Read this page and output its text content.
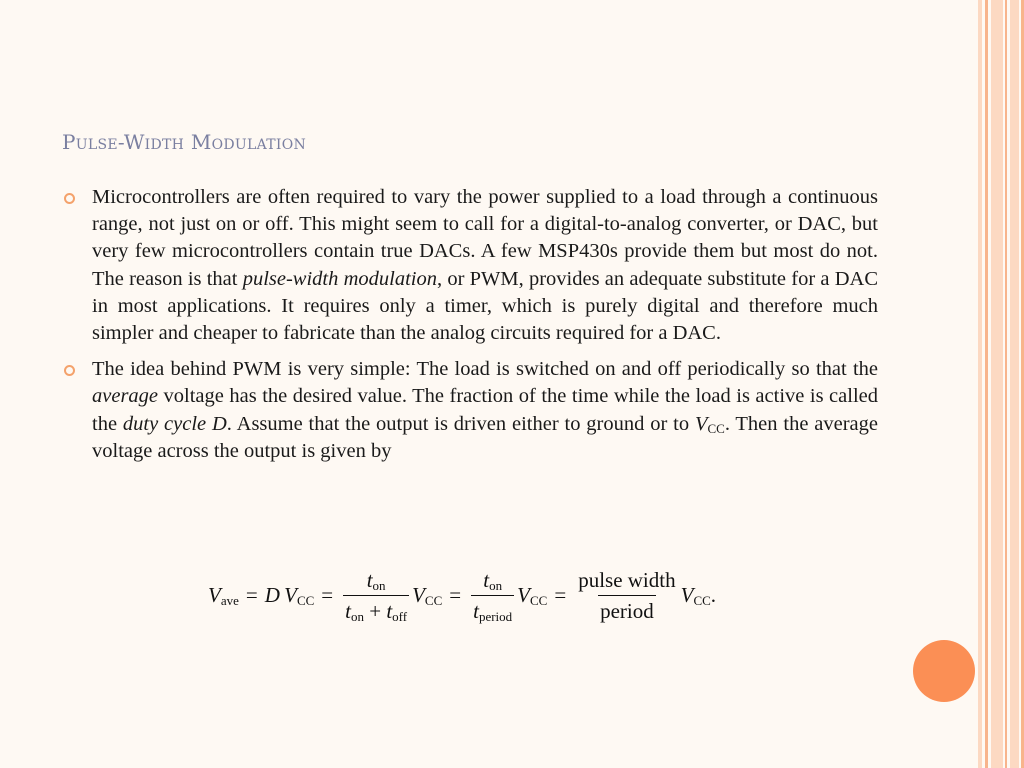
Pulse-Width Modulation

Microcontrollers are often required to vary the power supplied to a load through a continuous range, not just on or off. This might seem to call for a digital-to-analog converter, or DAC, but very few microcontrollers contain true DACs. A few MSP430s provide them but most do not. The reason is that pulse-width modulation, or PWM, provides an adequate substitute for a DAC in most applications. It requires only a timer, which is purely digital and therefore much simpler and cheaper to fabricate than the analog circuits required for a DAC.

The idea behind PWM is very simple: The load is switched on and off periodically so that the average voltage has the desired value. The fraction of the time while the load is active is called the duty cycle D. Assume that the output is driven either to ground or to $V_{CC}$. Then the average voltage across the output is given by

$V_{ave} = D$  $V_{CC} = \frac{t_{on}}{t_{on} + t_{off}} V_{CC} = \frac{t_{on}}{t_{period}} V_{CC} = \frac{\text{pulse width}}{\text{period}} V_{CC}$.
